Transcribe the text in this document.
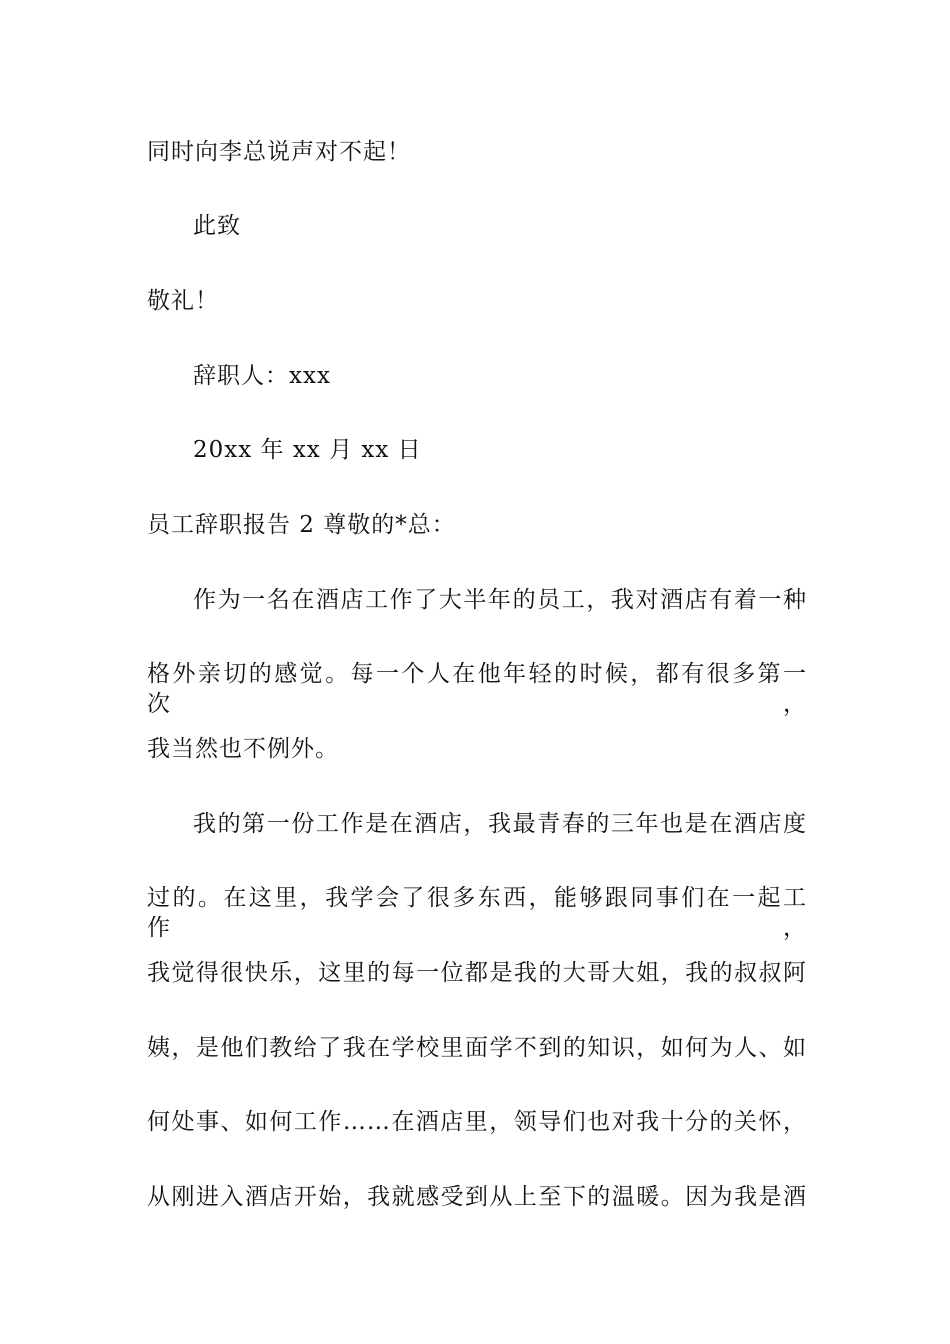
同时向李总说声对不起！
此致
敬礼！
辞职人：xxx
20xx 年 xx 月 xx 日
员工辞职报告 2 尊敬的*总：
作为一名在酒店工作了大半年的员工，我对酒店有着一种
格外亲切的感觉。每一个人在他年轻的时候，都有很多第一次，
我当然也不例外。
我的第一份工作是在酒店，我最青春的三年也是在酒店度
过的。在这里，我学会了很多东西，能够跟同事们在一起工作，
我觉得很快乐，这里的每一位都是我的大哥大姐，我的叔叔阿
姨，是他们教给了我在学校里面学不到的知识，如何为人、如
何处事、如何工作……在酒店里，领导们也对我十分的关怀，
从刚进入酒店开始，我就感受到从上至下的温暖。因为我是酒
